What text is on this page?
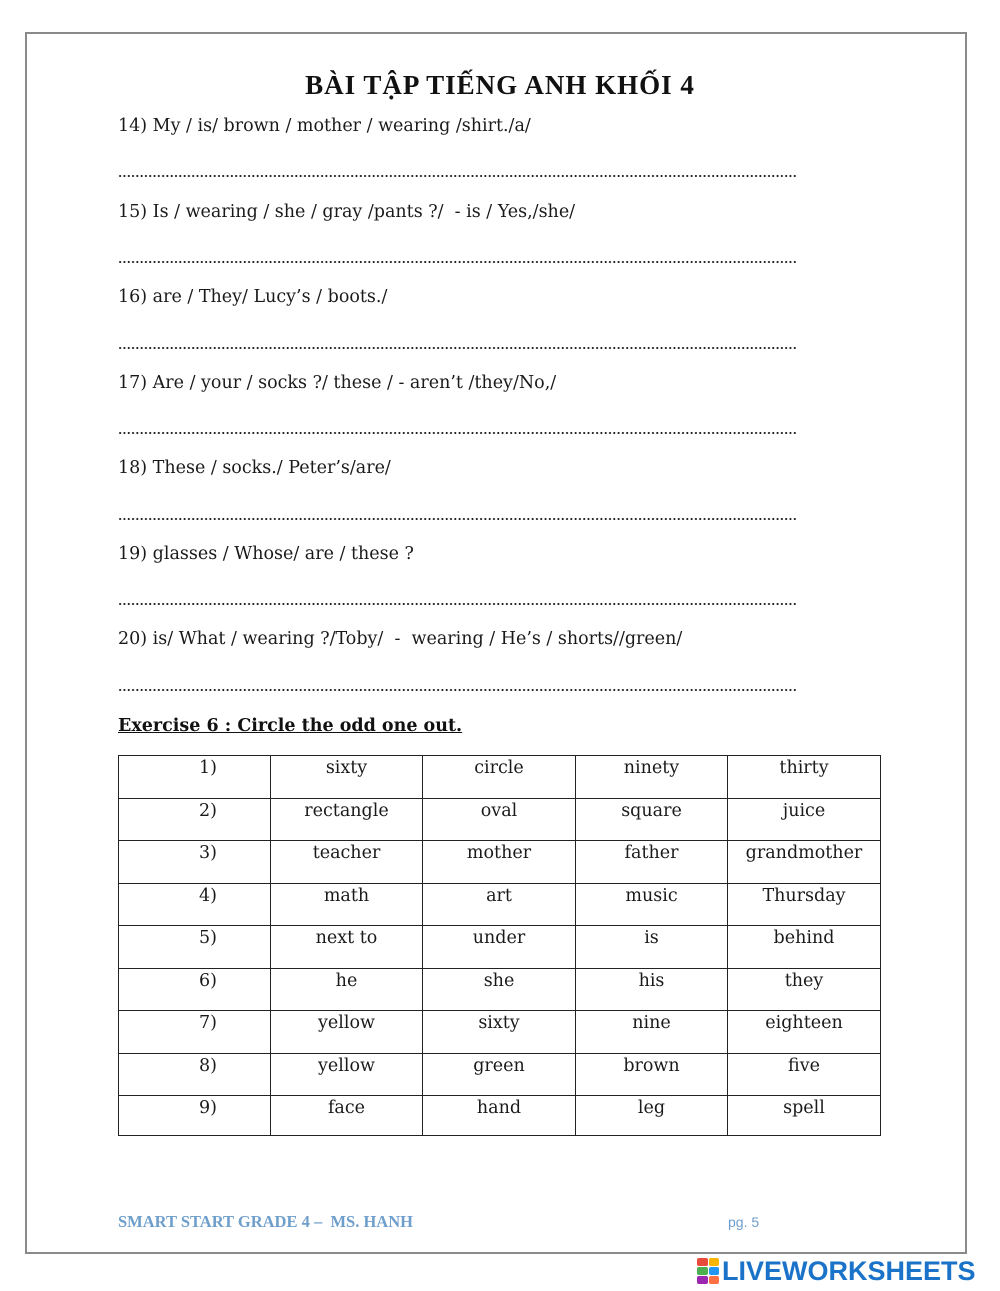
BÀI TẬP TIẾNG ANH KHỐI 4
14) My / is/ brown / mother / wearing /shirt./a/
15) Is / wearing / she / gray /pants ?/  - is / Yes,/she/
16) are / They/ Lucy’s / boots./
17) Are / your / socks ?/ these / - aren’t /they/No,/
18) These / socks./ Peter’s/are/
19) glasses / Whose/ are / these ?
20) is/ What / wearing ?/Toby/  -  wearing / He’s / shorts//green/
Exercise 6 : Circle the odd one out.
1)	sixty	circle	ninety	thirty
2)	rectangle	oval	square	juice
3)	teacher	mother	father	grandmother
4)	math	art	music	Thursday
5)	next to	under	is	behind
6)	he	she	his	they
7)	yellow	sixty	nine	eighteen
8)	yellow	green	brown	five
9)	face	hand	leg	spell
SMART START GRADE 4 –  MS. HANH	pg. 5
LIVEWORKSHEETS
